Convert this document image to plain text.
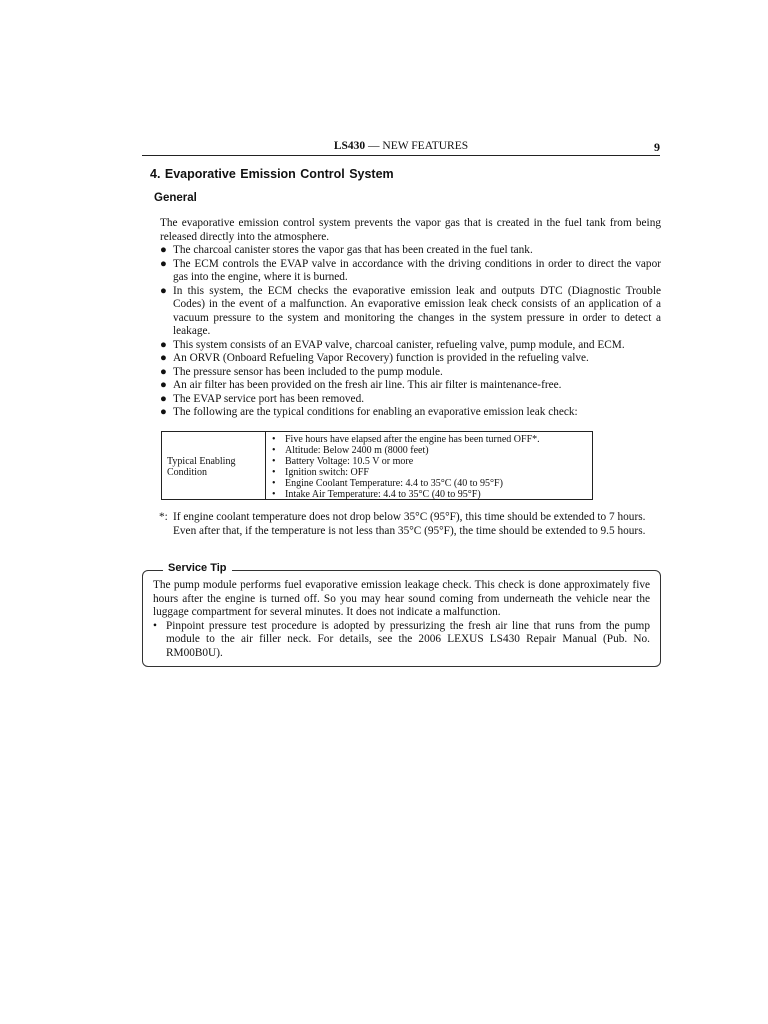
LS430 — NEW FEATURES	9
4. Evaporative Emission Control System
General
The evaporative emission control system prevents the vapor gas that is created in the fuel tank from being released directly into the atmosphere.
● The charcoal canister stores the vapor gas that has been created in the fuel tank.
● The ECM controls the EVAP valve in accordance with the driving conditions in order to direct the vapor gas into the engine, where it is burned.
● In this system, the ECM checks the evaporative emission leak and outputs DTC (Diagnostic Trouble Codes) in the event of a malfunction. An evaporative emission leak check consists of an application of a vacuum pressure to the system and monitoring the changes in the system pressure in order to detect a leakage.
● This system consists of an EVAP valve, charcoal canister, refueling valve, pump module, and ECM.
● An ORVR (Onboard Refueling Vapor Recovery) function is provided in the refueling valve.
● The pressure sensor has been included to the pump module.
● An air filter has been provided on the fresh air line. This air filter is maintenance-free.
● The EVAP service port has been removed.
● The following are the typical conditions for enabling an evaporative emission leak check:
Typical Enabling Condition
• Five hours have elapsed after the engine has been turned OFF*.
• Altitude: Below 2400 m (8000 feet)
• Battery Voltage: 10.5 V or more
• Ignition switch: OFF
• Engine Coolant Temperature: 4.4 to 35°C (40 to 95°F)
• Intake Air Temperature: 4.4 to 35°C (40 to 95°F)
*: If engine coolant temperature does not drop below 35°C (95°F), this time should be extended to 7 hours. Even after that, if the temperature is not less than 35°C (95°F), the time should be extended to 9.5 hours.
Service Tip
The pump module performs fuel evaporative emission leakage check. This check is done approximately five hours after the engine is turned off. So you may hear sound coming from underneath the vehicle near the luggage compartment for several minutes. It does not indicate a malfunction.
• Pinpoint pressure test procedure is adopted by pressurizing the fresh air line that runs from the pump module to the air filler neck. For details, see the 2006 LEXUS LS430 Repair Manual (Pub. No. RM00B0U).
